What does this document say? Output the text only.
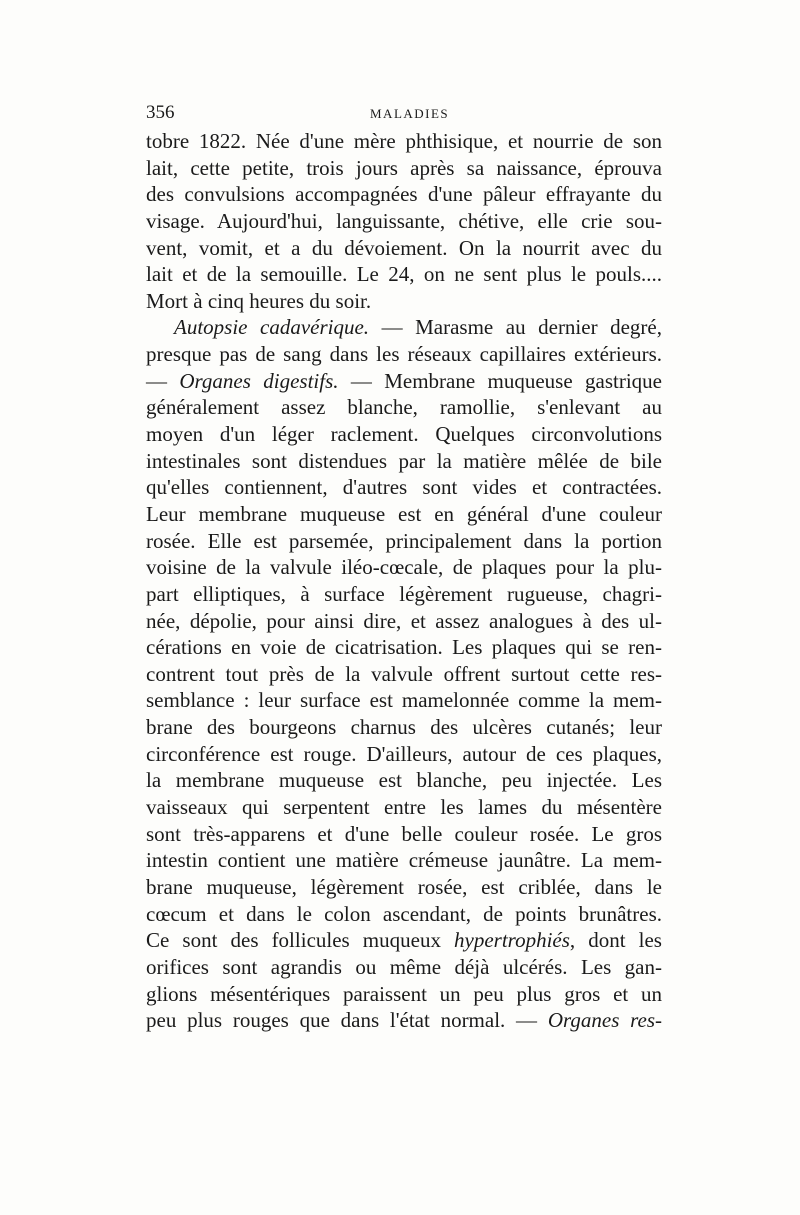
356	MALADIES
tobre 1822. Née d'une mère phthisique, et nourrie de son
lait, cette petite, trois jours après sa naissance, éprouva
des convulsions accompagnées d'une pâleur effrayante du
visage. Aujourd'hui, languissante, chétive, elle crie sou-
vent, vomit, et a du dévoiement. On la nourrit avec du
lait et de la semouille. Le 24, on ne sent plus le pouls....
Mort à cinq heures du soir.
Autopsie cadavérique. — Marasme au dernier degré,
presque pas de sang dans les réseaux capillaires extérieurs.
— Organes digestifs. — Membrane muqueuse gastrique
généralement assez blanche, ramollie, s'enlevant au
moyen d'un léger raclement. Quelques circonvolutions
intestinales sont distendues par la matière mêlée de bile
qu'elles contiennent, d'autres sont vides et contractées.
Leur membrane muqueuse est en général d'une couleur
rosée. Elle est parsemée, principalement dans la portion
voisine de la valvule iléo-cœcale, de plaques pour la plu-
part elliptiques, à surface légèrement rugueuse, chagri-
née, dépolie, pour ainsi dire, et assez analogues à des ul-
cérations en voie de cicatrisation. Les plaques qui se ren-
contrent tout près de la valvule offrent surtout cette res-
semblance : leur surface est mamelonnée comme la mem-
brane des bourgeons charnus des ulcères cutanés; leur
circonférence est rouge. D'ailleurs, autour de ces plaques,
la membrane muqueuse est blanche, peu injectée. Les
vaisseaux qui serpentent entre les lames du mésentère
sont très-apparens et d'une belle couleur rosée. Le gros
intestin contient une matière crémeuse jaunâtre. La mem-
brane muqueuse, légèrement rosée, est criblée, dans le
cœcum et dans le colon ascendant, de points brunâtres.
Ce sont des follicules muqueux hypertrophiés, dont les
orifices sont agrandis ou même déjà ulcérés. Les gan-
glions mésentériques paraissent un peu plus gros et un
peu plus rouges que dans l'état normal. — Organes res-
